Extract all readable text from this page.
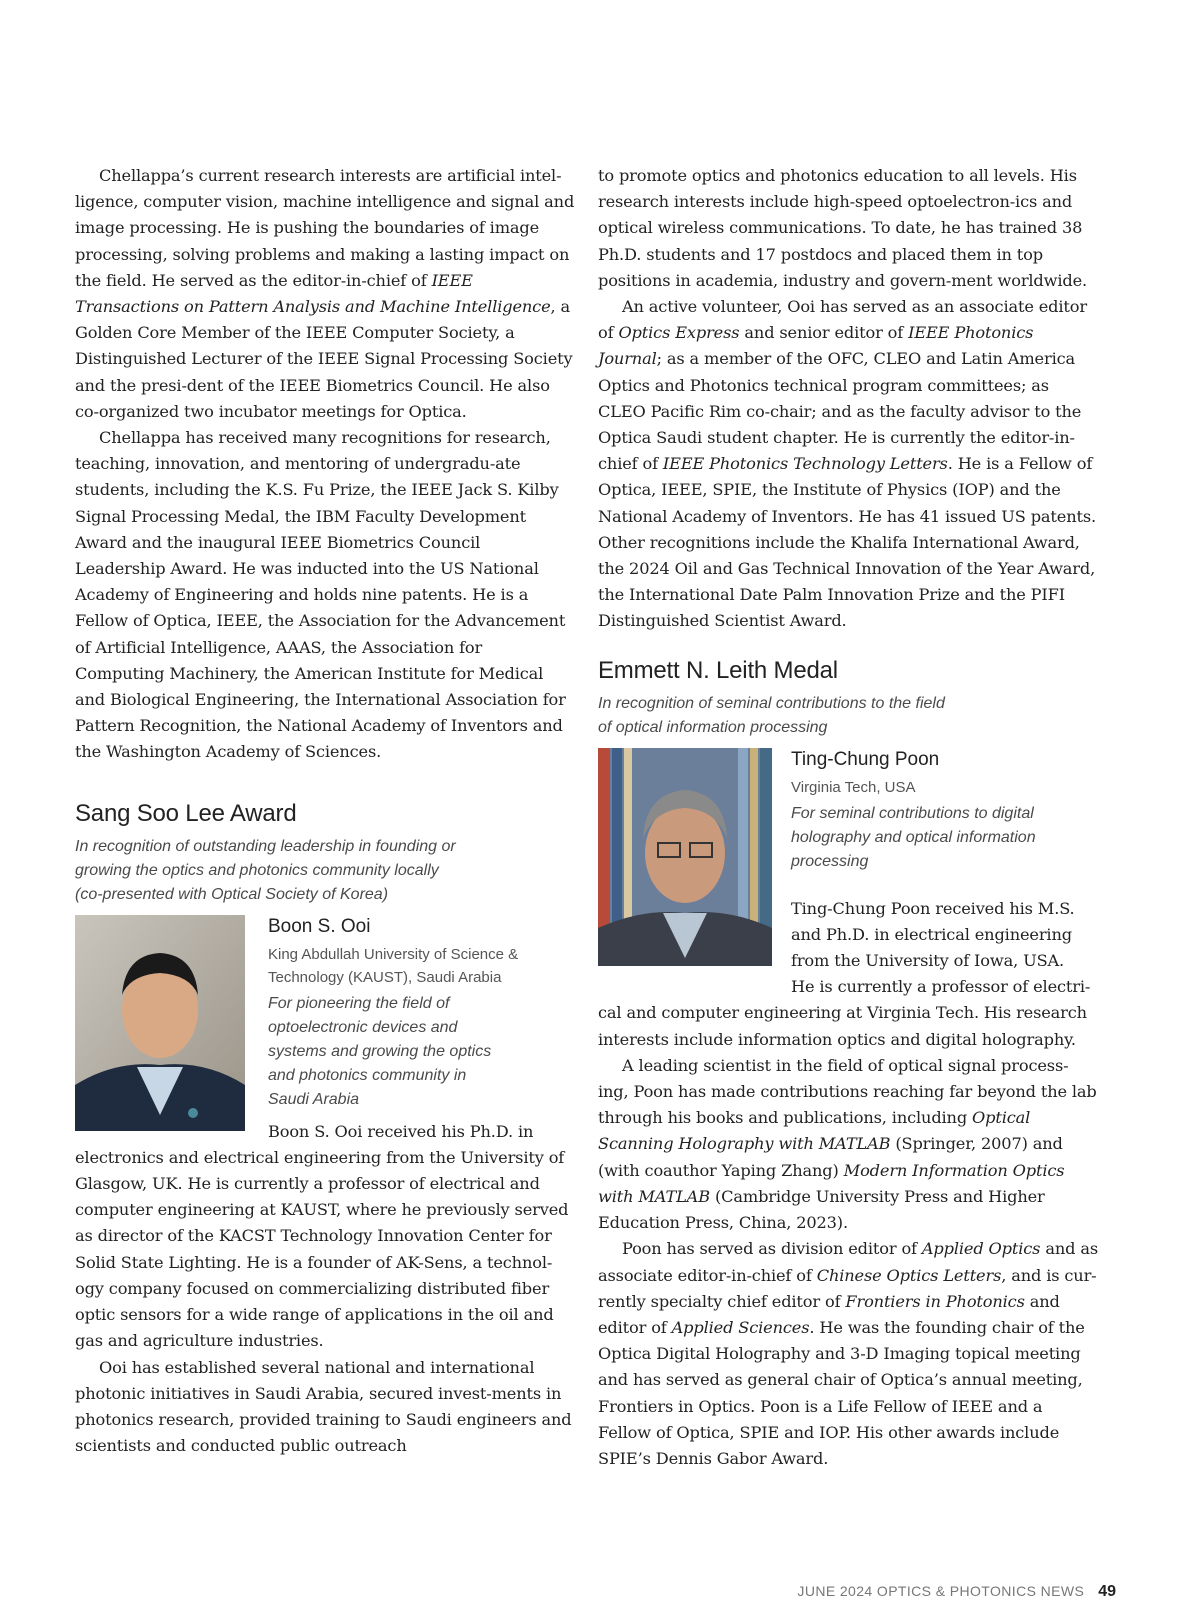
Chellappa’s current research interests are artificial intel-
ligence, computer vision, machine intelligence and signal and
image processing. He is pushing the boundaries of image
processing, solving problems and making a lasting impact on
the field. He served as the editor-in-chief of IEEE Transactions on Pattern Analysis and Machine Intelligence, a Golden Core Member of the IEEE Computer Society, a Distinguished Lecturer of the IEEE Signal Processing Society and the presi-dent of the IEEE Biometrics Council. He also co-organized two incubator meetings for Optica.

Chellappa has received many recognitions for research, teaching, innovation, and mentoring of undergradu-ate students, including the K.S. Fu Prize, the IEEE Jack S. Kilby Signal Processing Medal, the IBM Faculty Development Award and the inaugural IEEE Biometrics Council Leadership Award. He was inducted into the US National Academy of Engineering and holds nine patents. He is a Fellow of Optica, IEEE, the Association for the Advancement of Artificial Intelligence, AAAS, the Association for Computing Machinery, the American Institute for Medical and Biological Engineering, the International Association for Pattern Recognition, the National Academy of Inventors and the Washington Academy of Sciences.

Sang Soo Lee Award
In recognition of outstanding leadership in founding or
growing the optics and photonics community locally
(co-presented with Optical Society of Korea)
Boon S. Ooi
King Abdullah University of Science &
Technology (KAUST), Saudi Arabia
For pioneering the field of
optoelectronic devices and
systems and growing the optics
and photonics community in
Saudi Arabia

Boon S. Ooi received his Ph.D. in
electronics and electrical engineering from the University of Glasgow, UK. He is currently a professor of electrical and computer engineering at KAUST, where he previously served as director of the KACST Technology Innovation Center for Solid State Lighting. He is a founder of AK-Sens, a technol-ogy company focused on commercializing distributed fiber optic sensors for a wide range of applications in the oil and gas and agriculture industries.

Ooi has established several national and international photonic initiatives in Saudi Arabia, secured invest-ments in photonics research, provided training to Saudi engineers and scientists and conducted public outreach

to promote optics and photonics education to all levels. His research interests include high-speed optoelectron-ics and optical wireless communications. To date, he has trained 38 Ph.D. students and 17 postdocs and placed them in top positions in academia, industry and govern-ment worldwide.

An active volunteer, Ooi has served as an associate editor of Optics Express and senior editor of IEEE Photonics Journal; as a member of the OFC, CLEO and Latin America Optics and Photonics technical program committees; as CLEO Pacific Rim co-chair; and as the faculty advisor to the Optica Saudi student chapter. He is currently the editor-in-chief of IEEE Photonics Technology Letters. He is a Fellow of Optica, IEEE, SPIE, the Institute of Physics (IOP) and the National Academy of Inventors. He has 41 issued US patents. Other recognitions include the Khalifa International Award, the 2024 Oil and Gas Technical Innovation of the Year Award, the International Date Palm Innovation Prize and the PIFI Distinguished Scientist Award.

Emmett N. Leith Medal
In recognition of seminal contributions to the field
of optical information processing
Ting-Chung Poon
Virginia Tech, USA
For seminal contributions to digital
holography and optical information
processing

Ting-Chung Poon received his M.S.
and Ph.D. in electrical engineering
from the University of Iowa, USA.
He is currently a professor of electri-
cal and computer engineering at Virginia Tech. His research interests include information optics and digital holography.

A leading scientist in the field of optical signal process-ing, Poon has made contributions reaching far beyond the lab through his books and publications, including Optical Scanning Holography with MATLAB (Springer, 2007) and (with coauthor Yaping Zhang) Modern Information Optics with MATLAB (Cambridge University Press and Higher Education Press, China, 2023).

Poon has served as division editor of Applied Optics and as associate editor-in-chief of Chinese Optics Letters, and is cur-rently specialty chief editor of Frontiers in Photonics and editor of Applied Sciences. He was the founding chair of the Optica Digital Holography and 3-D Imaging topical meeting and has served as general chair of Optica’s annual meeting, Frontiers in Optics. Poon is a Life Fellow of IEEE and a Fellow of Optica, SPIE and IOP. His other awards include SPIE’s Dennis Gabor Award.

JUNE 2024 OPTICS & PHOTONICS NEWS 49
